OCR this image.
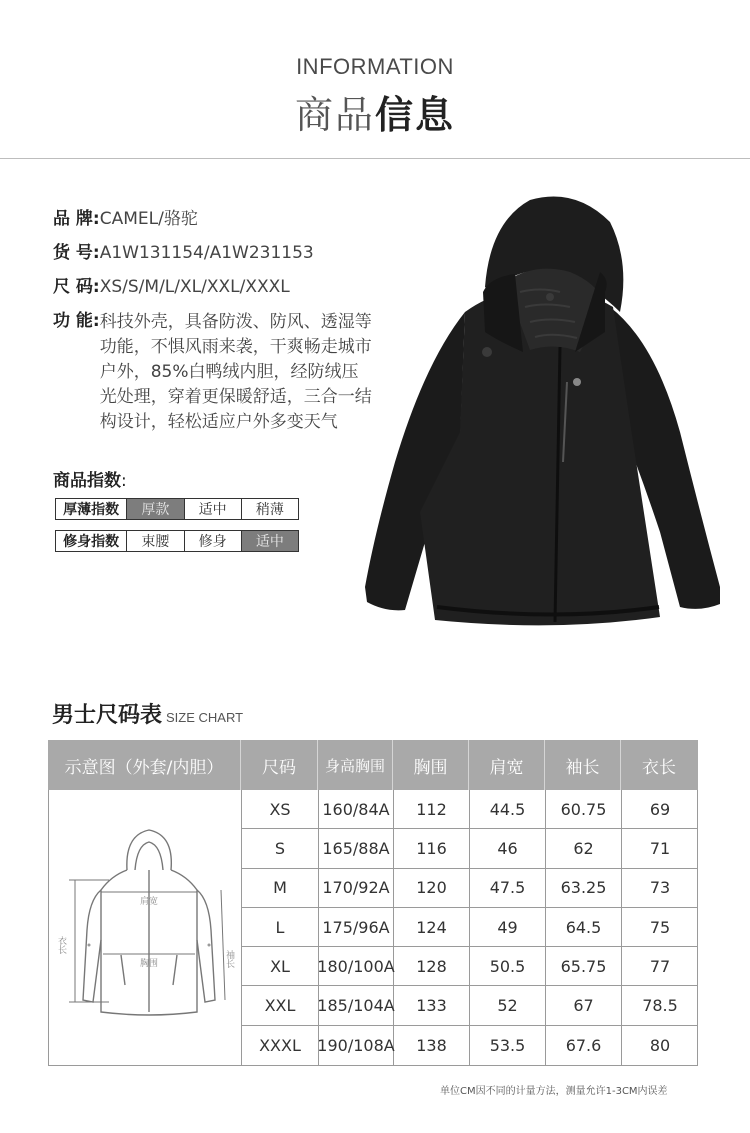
INFORMATION
商品信息
品 牌: CAMEL/骆驼
货 号: A1W131154/A1W231153
尺 码: XS/S/M/L/XL/XXL/XXXL
功 能: 科技外壳，具备防泼、防风、透湿等功能，不惧风雨来袭，干爽畅走城市户外，85%白鸭绒内胆，经防绒压光处理，穿着更保暖舒适，三合一结构设计，轻松适应户外多变天气
商品指数:
厚薄指数	厚款	适中	稍薄
修身指数	束腰	修身	适中
男士尺码表 SIZE CHART
示意图（外套/内胆）	尺码	身高胸围	胸围	肩宽	袖长	衣长
肩宽
胸围
衣长
袖长
XS	160/84A	112	44.5	60.75	69
S	165/88A	116	46	62	71
M	170/92A	120	47.5	63.25	73
L	175/96A	124	49	64.5	75
XL	180/100A	128	50.5	65.75	77
XXL	185/104A	133	52	67	78.5
XXXL	190/108A	138	53.5	67.6	80
单位CM因不同的计量方法，测量允许1-3CM内误差
